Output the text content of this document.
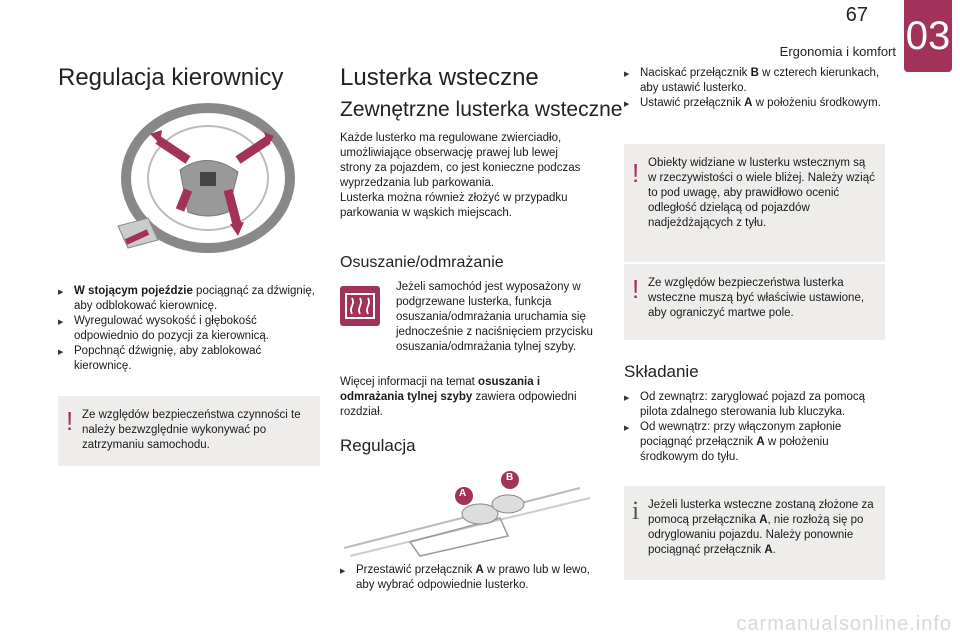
67
Ergonomia i komfort 03
Regulacja kierownicy
▶ W stojącym pojeździe pociągnąć za dźwignię, aby odblokować kierownicę.
▶ Wyregulować wysokość i głębokość odpowiednio do pozycji za kierownicą.
▶ Popchnąć dźwignię, aby zablokować kierownicę.
! Ze względów bezpieczeństwa czynności te należy bezwzględnie wykonywać po zatrzymaniu samochodu.

Lusterka wsteczne
Zewnętrzne lusterka wsteczne

Każde lusterko ma regulowane zwierciadło, umożliwiające obserwację prawej lub lewej strony za pojazdem, co jest konieczne podczas wyprzedzania lub parkowania.

Lusterka można również złożyć w przypadku parkowania w wąskich miejscach.

Osuszanie/odmrażanie

Jeżeli samochód jest wyposażony w podgrzewane lusterka, funkcja osuszania/odmrażania uruchamia się jednocześnie z naciśnięciem przycisku osuszania/odmrażania tylnej szyby.

Więcej informacji na temat osuszania i odmrażania tylnej szyby zawiera odpowiedni rozdział.

Regulacja
A
B
▶ Przestawić przełącznik A w prawo lub w lewo, aby wybrać odpowiednie lusterko.
▶ Naciskać przełącznik B w czterech kierunkach, aby ustawić lusterko.
▶ Ustawić przełącznik A w położeniu środkowym.
! Obiekty widziane w lusterku wstecznym są w rzeczywistości o wiele bliżej. Należy wziąć to pod uwagę, aby prawidłowo ocenić odległość dzielącą od pojazdów nadjeżdżających z tyłu.

! Ze względów bezpieczeństwa lusterka wsteczne muszą być właściwie ustawione, aby ograniczyć martwe pole.

Składanie
▶ Od zewnątrz: zaryglować pojazd za pomocą pilota zdalnego sterowania lub kluczyka.
▶ Od wewnątrz: przy włączonym zapłonie pociągnąć przełącznik A w położeniu środkowym do tyłu.
i Jeżeli lusterka wsteczne zostaną złożone za pomocą przełącznika A, nie rozłożą się po odryglowaniu pojazdu. Należy ponownie pociągnąć przełącznik A.

carmanualsonline.info
